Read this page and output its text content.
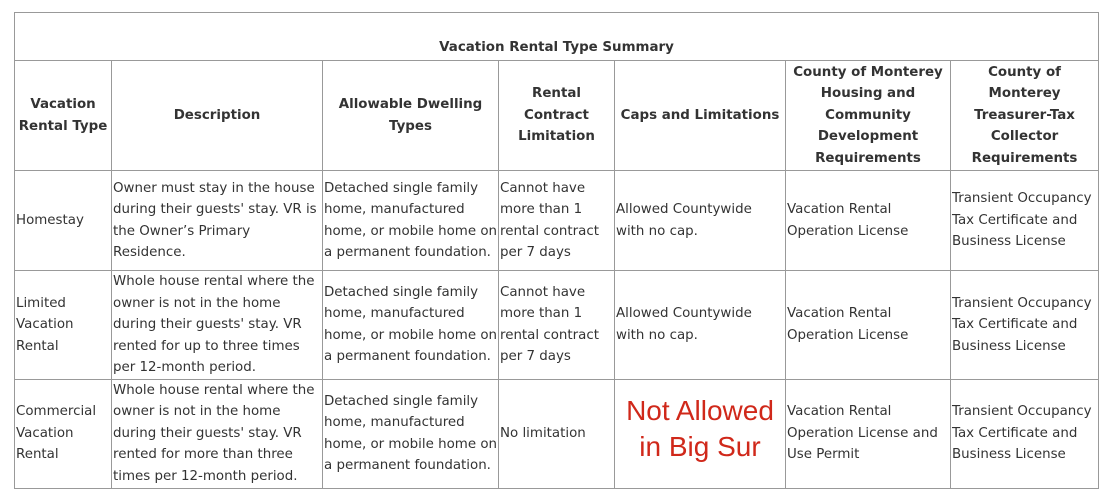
Vacation Rental Type Summary						
Vacation Rental Type	Description	Allowable Dwelling Types	Rental Contract Limitation	Caps and Limitations	County of Monterey Housing and Community Development Requirements	County of Monterey Treasurer-Tax Collector Requirements
Homestay	Owner must stay in the house during their guests' stay. VR is the Owner’s Primary Residence.	Detached single family home, manufactured home, or mobile home on a permanent foundation.	Cannot have more than 1 rental contract per 7 days	Allowed Countywide with no cap.	Vacation Rental Operation License	Transient Occupancy Tax Certificate and Business License
Limited Vacation Rental	Whole house rental where the owner is not in the home during their guests' stay. VR rented for up to three times per 12-month period.	Detached single family home, manufactured home, or mobile home on a permanent foundation.	Cannot have more than 1 rental contract per 7 days	Allowed Countywide with no cap.	Vacation Rental Operation License	Transient Occupancy Tax Certificate and Business License
Commercial Vacation Rental	Whole house rental where the owner is not in the home during their guests' stay. VR rented for more than three times per 12-month period.	Detached single family home, manufactured home, or mobile home on a permanent foundation.	No limitation	Not Allowed in Big Sur	Vacation Rental Operation License and Use Permit	Transient Occupancy Tax Certificate and Business License
